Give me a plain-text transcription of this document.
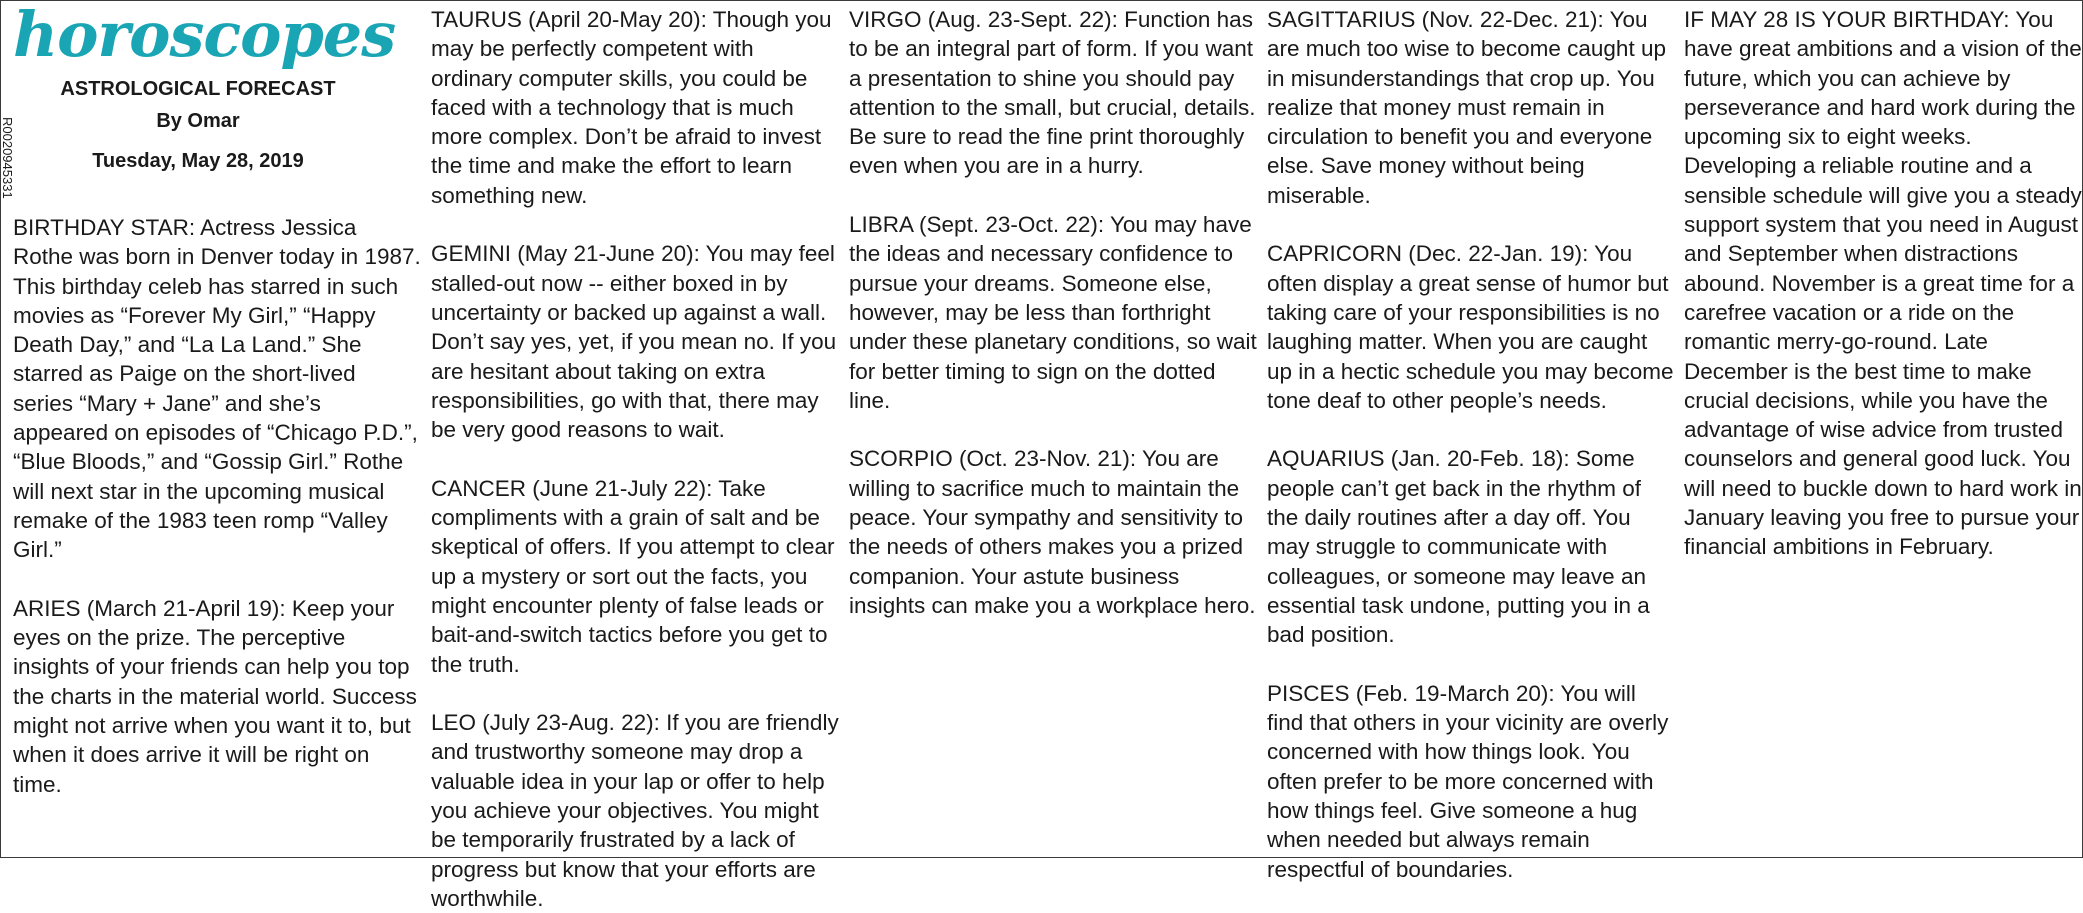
horoscopes
ASTROLOGICAL FORECAST
By Omar
Tuesday, May 28, 2019

BIRTHDAY STAR: Actress Jessica Rothe was born in Denver today in 1987. This birthday celeb has starred in such movies as “Forever My Girl,” “Happy Death Day,” and “La La Land.” She starred as Paige on the short-lived series “Mary + Jane” and she’s appeared on episodes of “Chicago P.D.”, “Blue Bloods,” and “Gossip Girl.” Rothe will next star in the upcoming musical remake of the 1983 teen romp “Valley Girl.”

ARIES (March 21-April 19): Keep your eyes on the prize. The perceptive insights of your friends can help you top the charts in the material world. Success might not arrive when you want it to, but when it does arrive it will be right on time.

R0020945331

TAURUS (April 20-May 20): Though you may be perfectly competent with ordinary computer skills, you could be faced with a technology that is much more complex. Don’t be afraid to invest the time and make the effort to learn something new.

GEMINI (May 21-June 20): You may feel stalled-out now -- either boxed in by uncertainty or backed up against a wall. Don’t say yes, yet, if you mean no. If you are hesitant about taking on extra responsibilities, go with that, there may be very good reasons to wait.

CANCER (June 21-July 22): Take compliments with a grain of salt and be skeptical of offers. If you attempt to clear up a mystery or sort out the facts, you might encounter plenty of false leads or bait-and-switch tactics before you get to the truth.

LEO (July 23-Aug. 22): If you are friendly and trustworthy someone may drop a valuable idea in your lap or offer to help you achieve your objectives. You might be temporarily frustrated by a lack of progress but know that your efforts are worthwhile.

VIRGO (Aug. 23-Sept. 22): Function has to be an integral part of form. If you want a presentation to shine you should pay attention to the small, but crucial, details. Be sure to read the fine print thoroughly even when you are in a hurry.

LIBRA (Sept. 23-Oct. 22): You may have the ideas and necessary confidence to pursue your dreams. Someone else, however, may be less than forthright under these planetary conditions, so wait for better timing to sign on the dotted line.

SCORPIO (Oct. 23-Nov. 21): You are willing to sacrifice much to maintain the peace. Your sympathy and sensitivity to the needs of others makes you a prized companion. Your astute business insights can make you a workplace hero.

SAGITTARIUS (Nov. 22-Dec. 21): You are much too wise to become caught up in misunderstandings that crop up. You realize that money must remain in circulation to benefit you and everyone else. Save money without being miserable.

CAPRICORN (Dec. 22-Jan. 19): You often display a great sense of humor but taking care of your responsibilities is no laughing matter. When you are caught up in a hectic schedule you may become tone deaf to other people’s needs.

AQUARIUS (Jan. 20-Feb. 18): Some people can’t get back in the rhythm of the daily routines after a day off. You may struggle to communicate with colleagues, or someone may leave an essential task undone, putting you in a bad position.

PISCES (Feb. 19-March 20): You will find that others in your vicinity are overly concerned with how things look. You often prefer to be more concerned with how things feel. Give someone a hug when needed but always remain respectful of boundaries.

IF MAY 28 IS YOUR BIRTHDAY: You have great ambitions and a vision of the future, which you can achieve by perseverance and hard work during the upcoming six to eight weeks. Developing a reliable routine and a sensible schedule will give you a steady support system that you need in August and September when distractions abound. November is a great time for a carefree vacation or a ride on the romantic merry-go-round. Late December is the best time to make crucial decisions, while you have the advantage of wise advice from trusted counselors and general good luck. You will need to buckle down to hard work in January leaving you free to pursue your financial ambitions in February.
